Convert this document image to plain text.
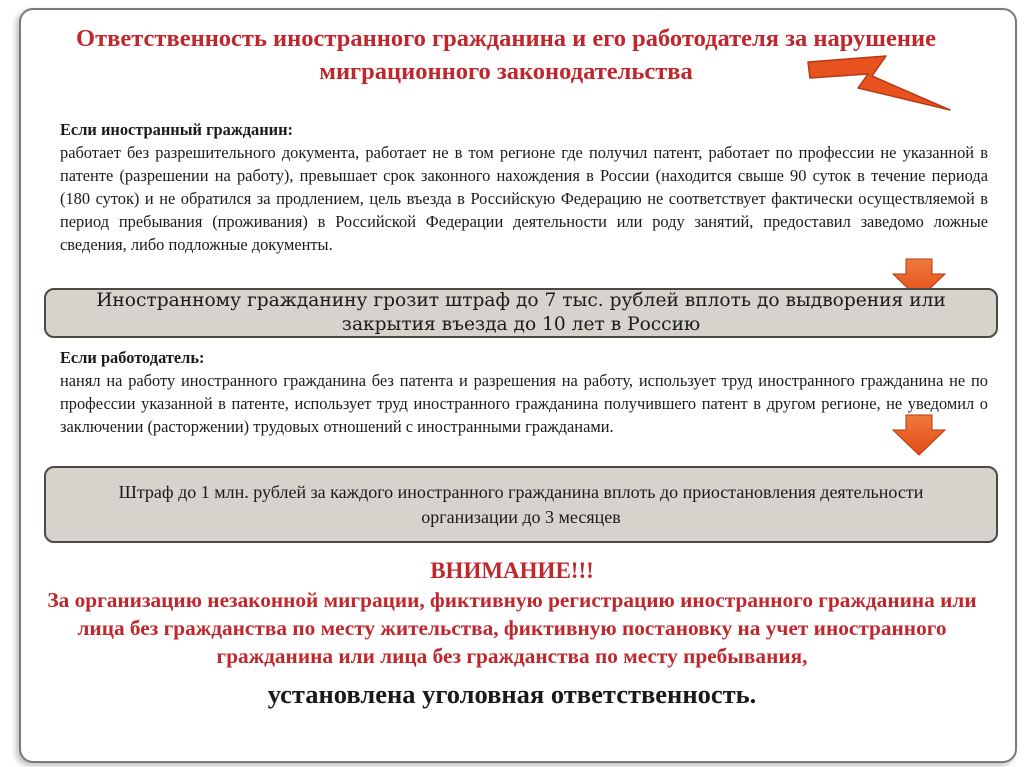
Ответственность иностранного гражданина и его работодателя за нарушение миграционного законодательства
Если иностранный гражданин:
работает без разрешительного документа, работает не в том регионе где получил патент, работает по профессии не указанной в патенте (разрешении на работу), превышает срок законного нахождения в России (находится свыше 90 суток в течение периода (180 суток) и не обратился за продлением, цель въезда в Российскую Федерацию не соответствует фактически осуществляемой в период пребывания (проживания) в Российской Федерации деятельности или роду занятий, предоставил заведомо ложные сведения, либо подложные документы.
Иностранному гражданину грозит штраф до 7 тыс. рублей вплоть до выдворения или закрытия въезда до 10 лет в Россию
Если работодатель:
нанял на работу иностранного гражданина без патента и разрешения на работу, использует труд иностранного гражданина не по профессии указанной в патенте, использует труд иностранного гражданина получившего патент в другом регионе, не уведомил о заключении (расторжении) трудовых отношений с иностранными гражданами.
Штраф до 1 млн. рублей за каждого иностранного гражданина вплоть до приостановления деятельности организации до 3 месяцев
ВНИМАНИЕ!!!
За организацию незаконной миграции, фиктивную регистрацию иностранного гражданина или лица без гражданства по месту жительства, фиктивную постановку на учет иностранного гражданина или лица без гражданства по месту пребывания,
установлена уголовная ответственность.
